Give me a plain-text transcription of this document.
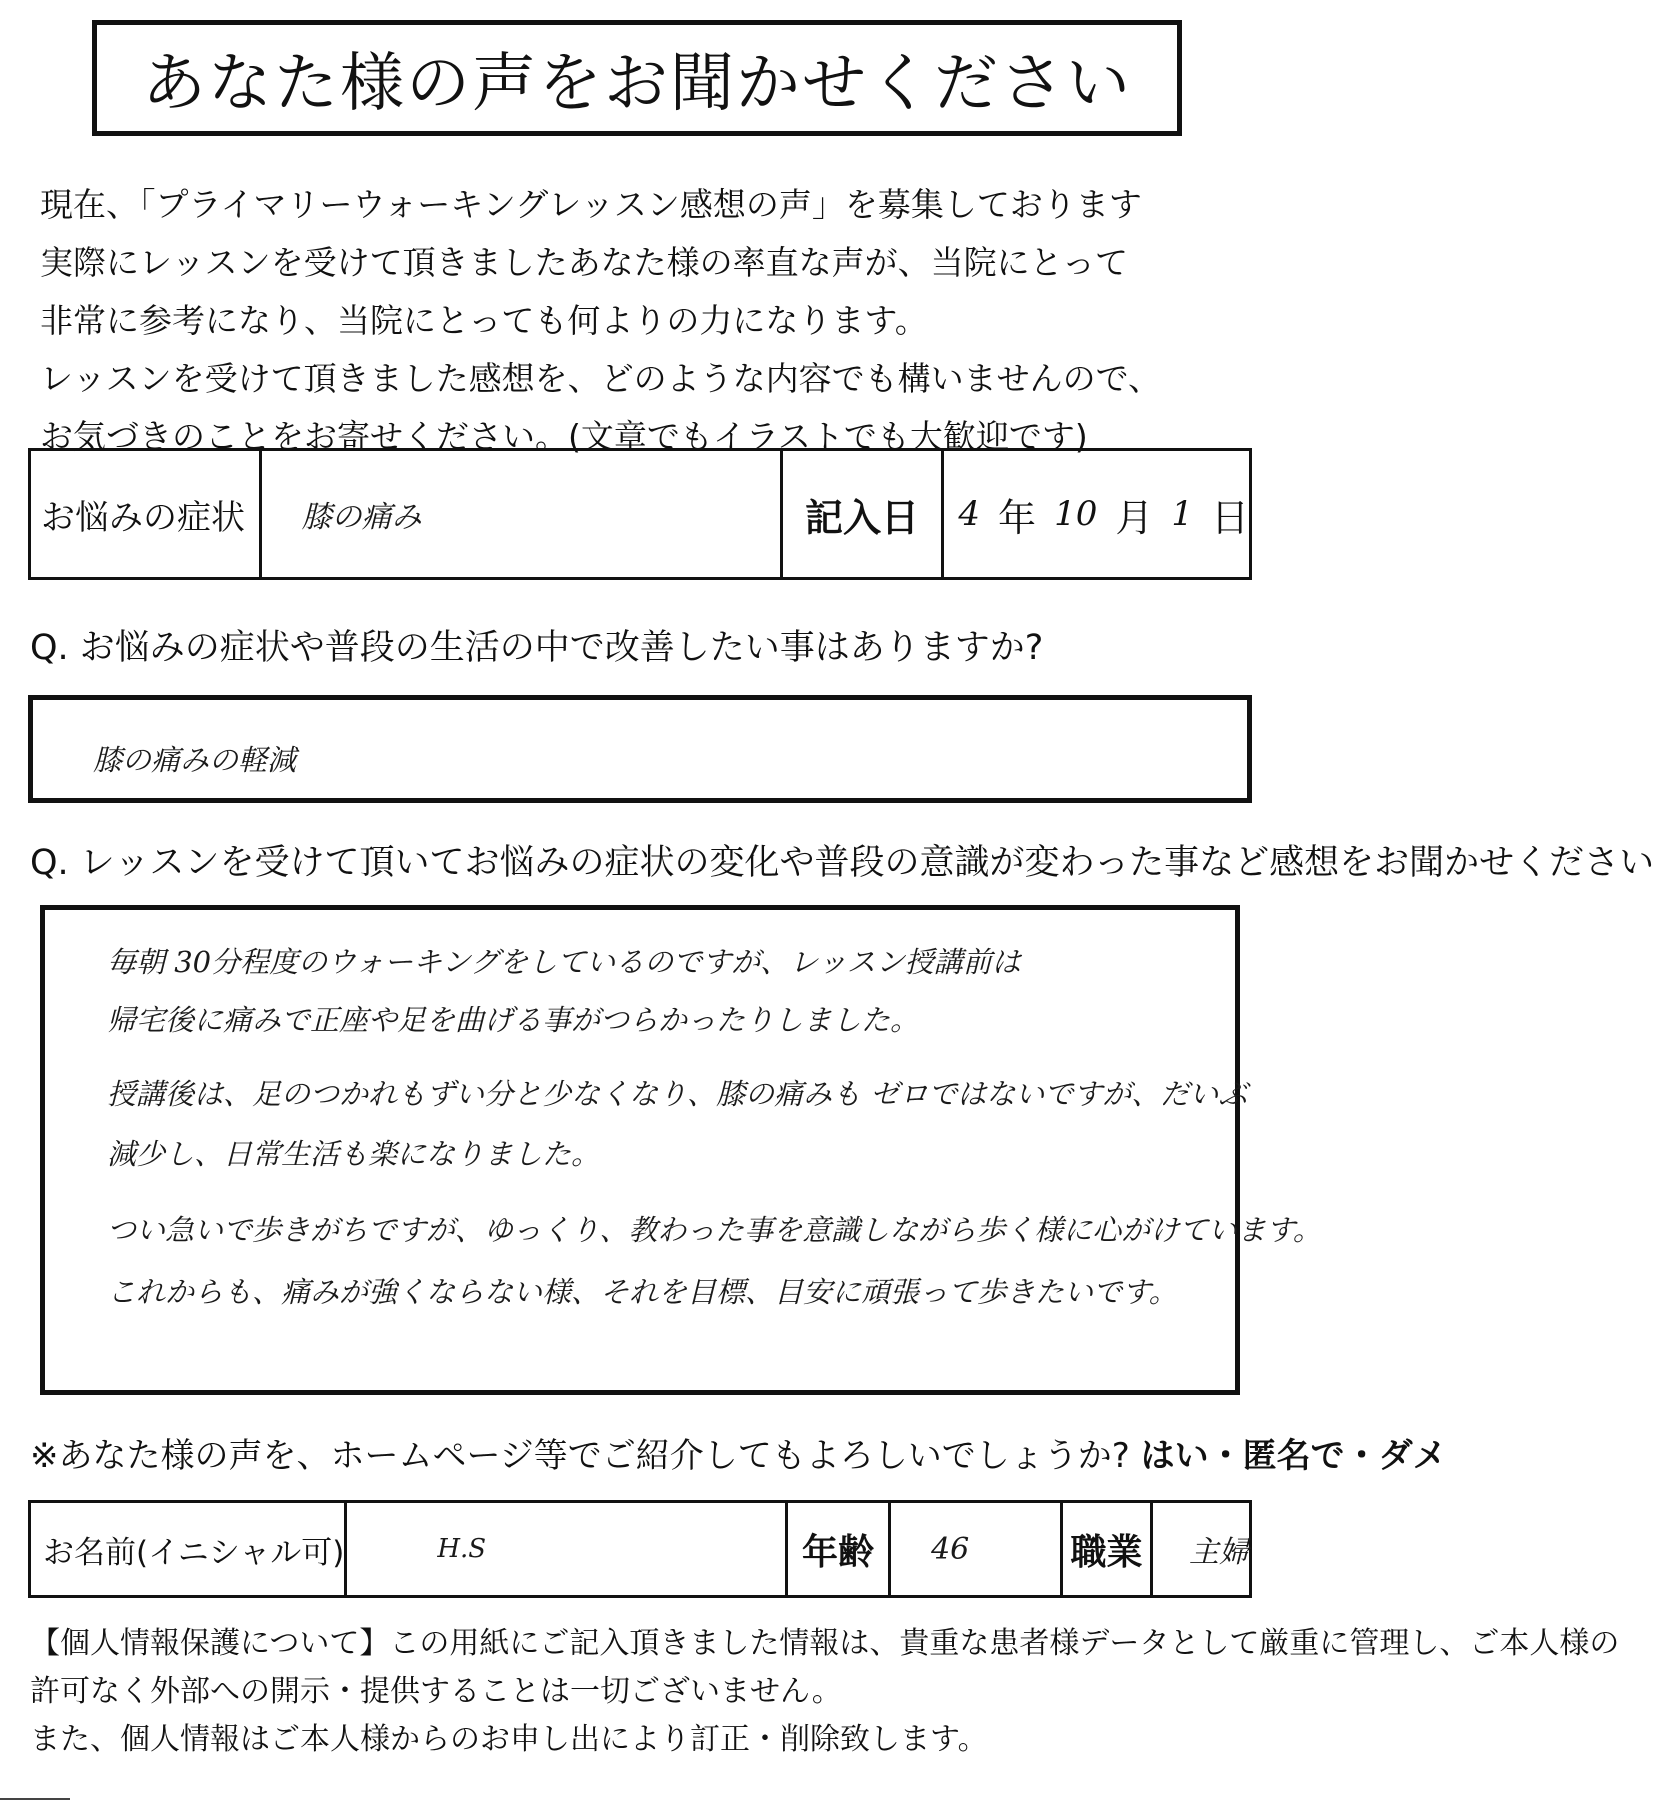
あなた様の声をお聞かせください
現在、「プライマリーウォーキングレッスン感想の声」を募集しております
実際にレッスンを受けて頂きましたあなた様の率直な声が、当院にとって
非常に参考になり、当院にとっても何よりの力になります。
レッスンを受けて頂きました感想を、どのような内容でも構いませんので、
お気づきのことをお寄せください。(文章でもイラストでも大歓迎です)
お悩みの症状	膝の痛み	記入日	4 年 10 月 1 日
Q. お悩みの症状や普段の生活の中で改善したい事はありますか?
膝の痛みの軽減
Q. レッスンを受けて頂いてお悩みの症状の変化や普段の意識が変わった事など感想をお聞かせください
毎朝 30分程度のウォーキングをしているのですが、レッスン授講前は
帰宅後に痛みで正座や足を曲げる事がつらかったりしました。
授講後は、足のつかれもずい分と少なくなり、膝の痛みも ゼロではないですが、だいぶ
減少し、日常生活も楽になりました。
つい急いで歩きがちですが、ゆっくり、教わった事を意識しながら歩く様に心がけています。
これからも、痛みが強くならない様、それを目標、目安に頑張って歩きたいです。
※あなた様の声を、ホームページ等でご紹介してもよろしいでしょうか? はい・匿名で・ダメ
お名前(イニシャル可)	H.S	年齢	46	職業	主婦
【個人情報保護について】この用紙にご記入頂きました情報は、貴重な患者様データとして厳重に管理し、ご本人様の
許可なく外部への開示・提供することは一切ございません。
また、個人情報はご本人様からのお申し出により訂正・削除致します。
